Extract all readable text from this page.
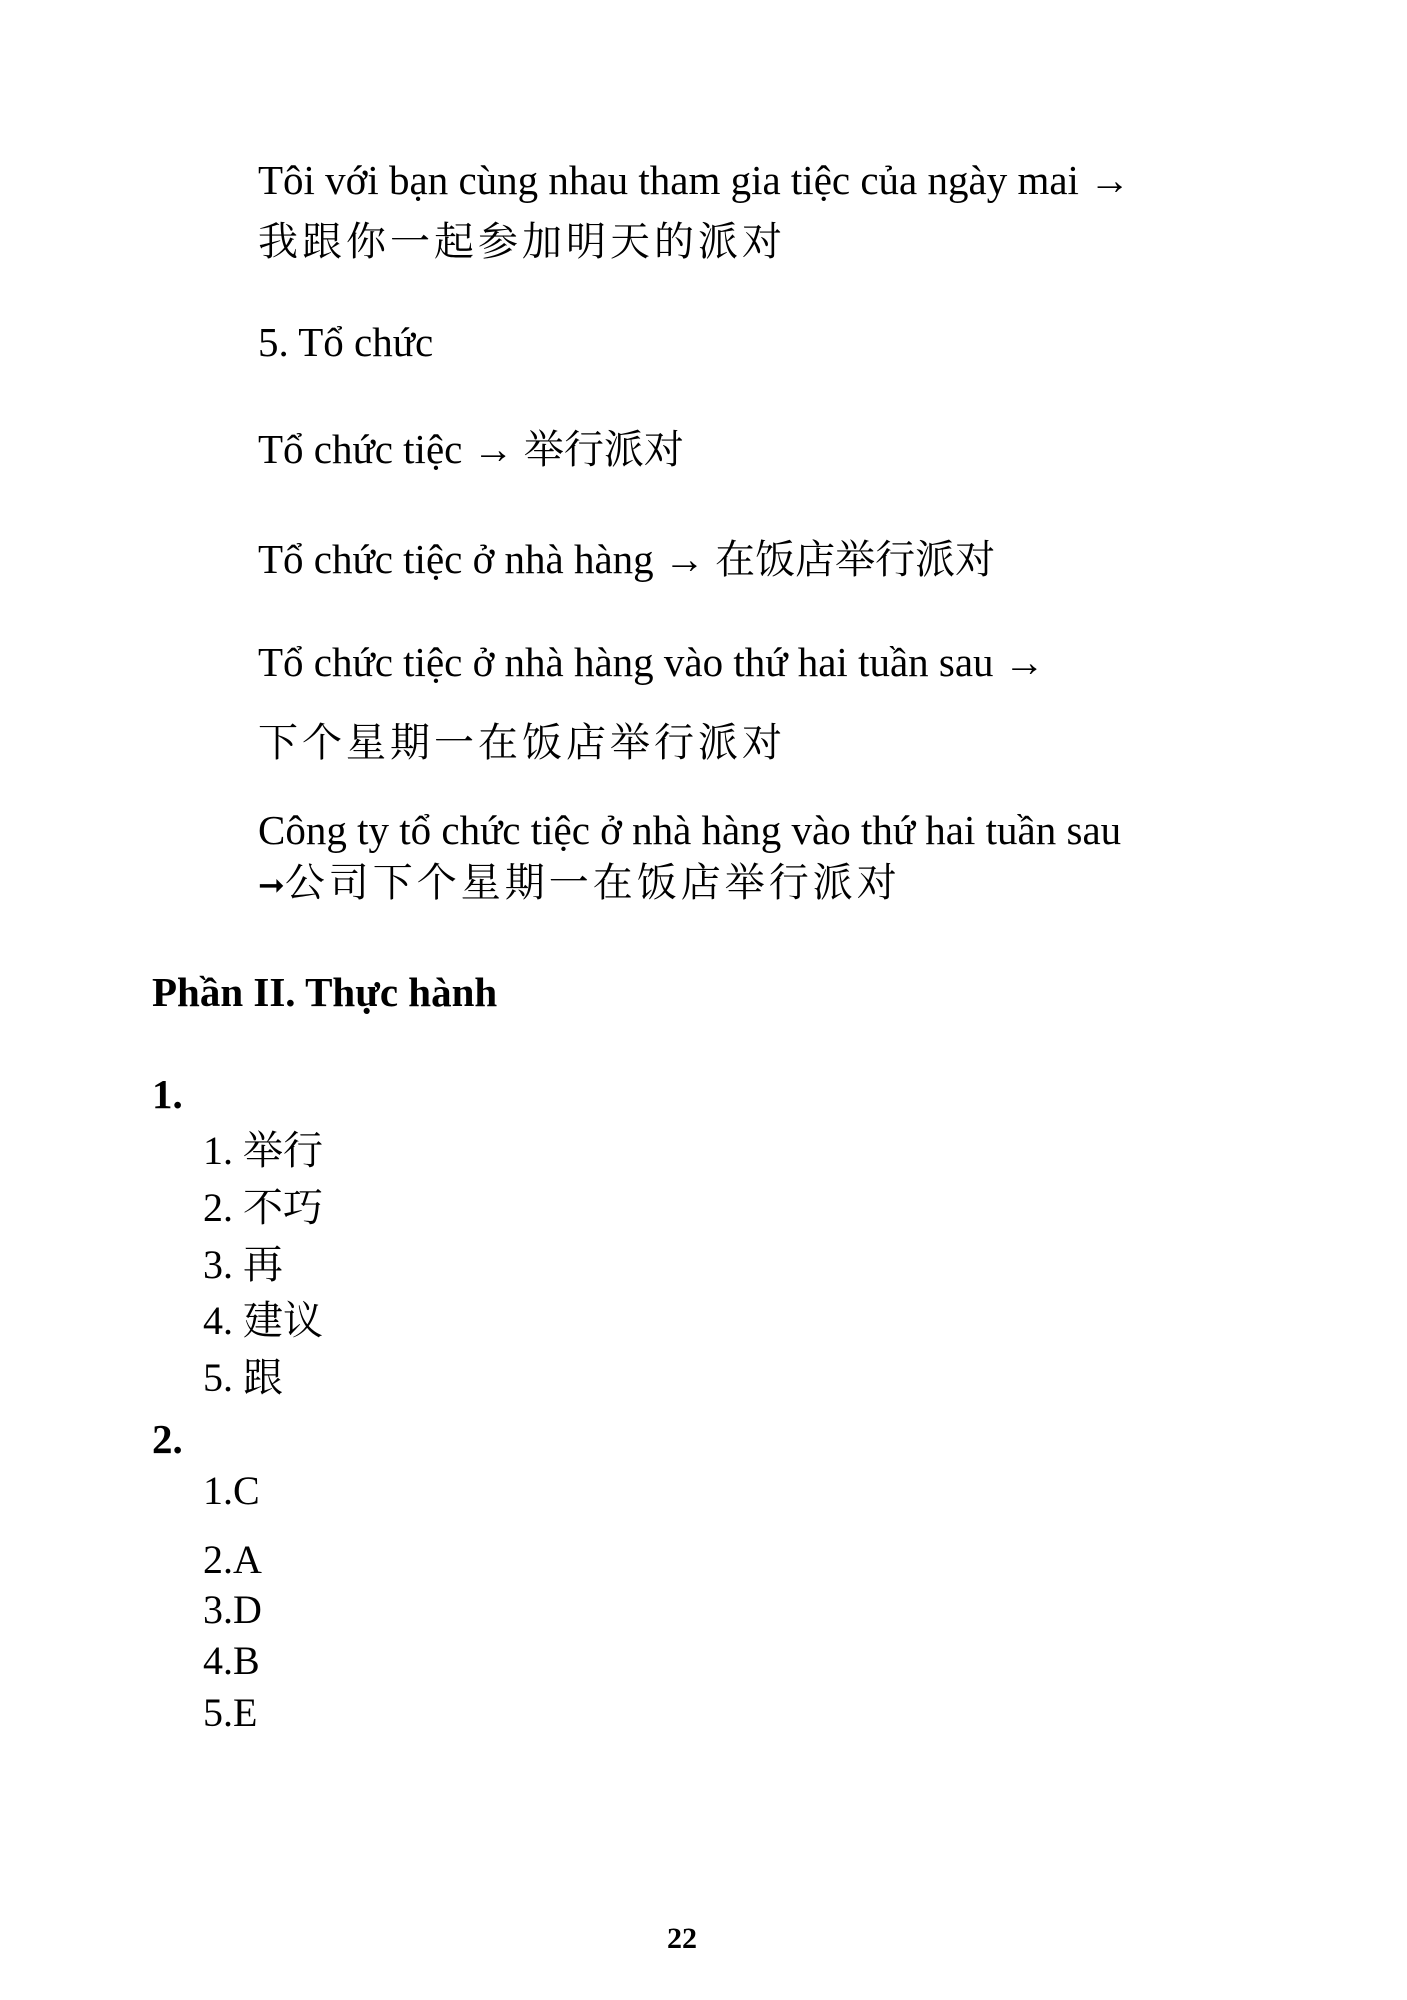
Tôi với bạn cùng nhau tham gia tiệc của ngày mai →
我跟你一起参加明天的派对
5. Tổ chức
Tổ chức tiệc → 举行派对
Tổ chức tiệc ở nhà hàng → 在饭店举行派对
Tổ chức tiệc ở nhà hàng vào thứ hai tuần sau →
下个星期一在饭店举行派对
Công ty tổ chức tiệc ở nhà hàng vào thứ hai tuần sau
➞公司下个星期一在饭店举行派对
Phần II. Thực hành
1.
1. 举行
2. 不巧
3. 再
4. 建议
5. 跟
2.
1.C
2.A
3.D
4.B
5.E
22
